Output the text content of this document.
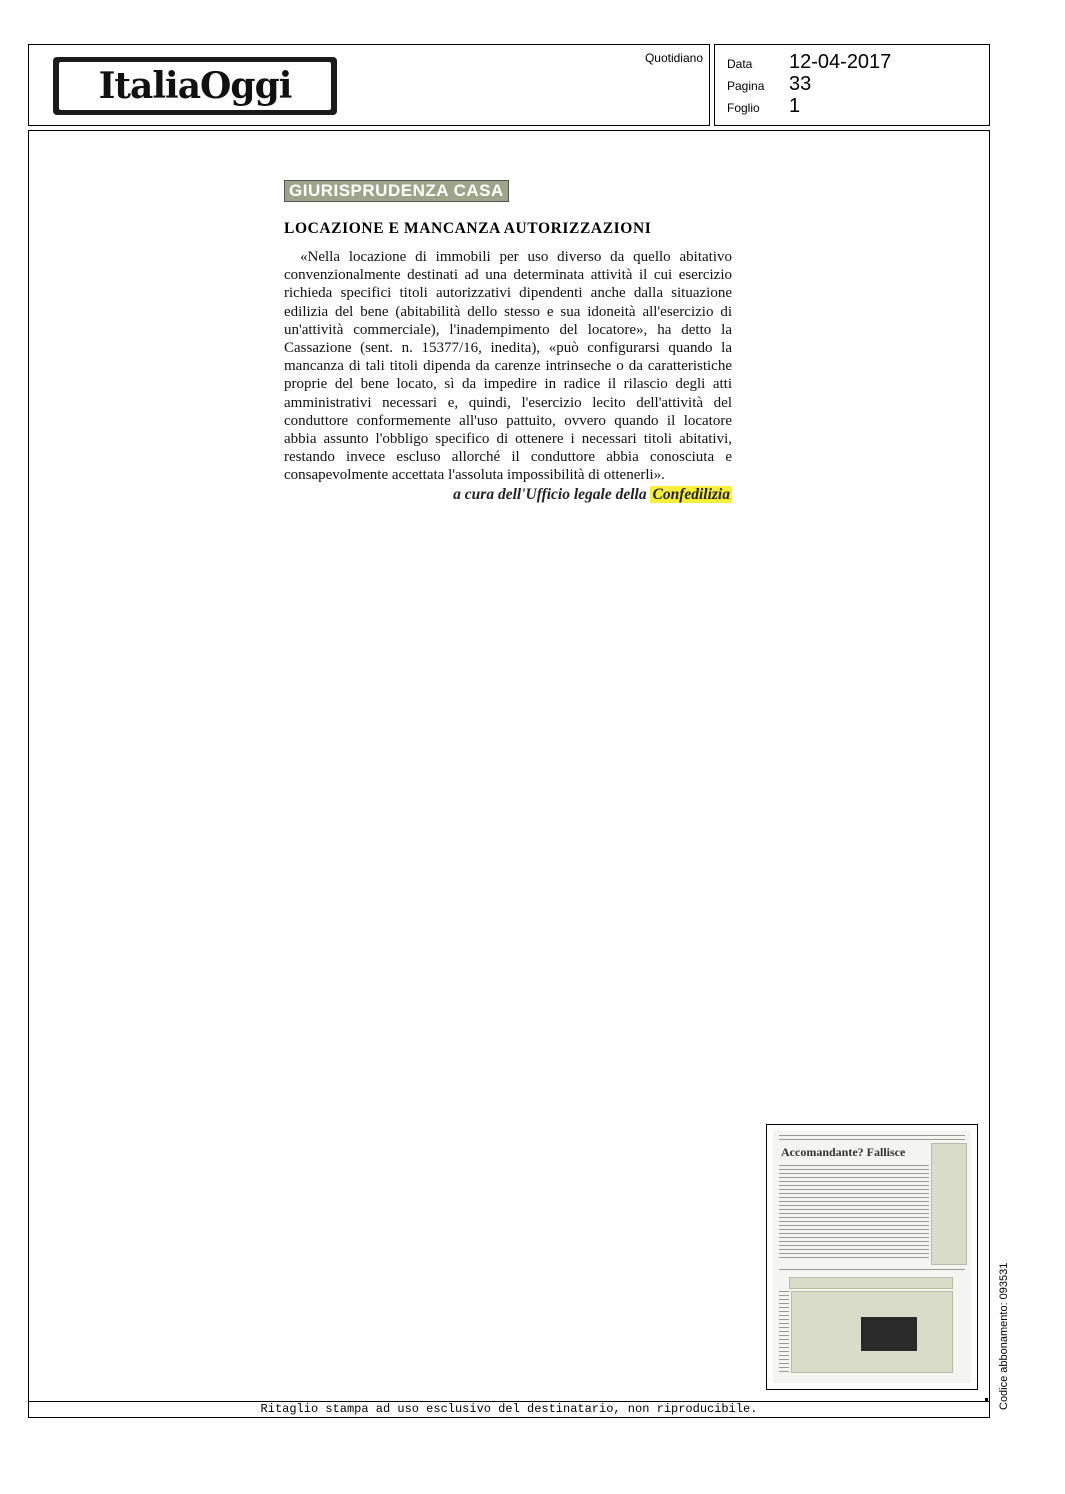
ItaliaOggi
Quotidiano Data	12-04-2017
Pagina	33
Foglio	1
GIURISPRUDENZA CASA
LOCAZIONE E MANCANZA AUTORIZZAZIONI
«Nella locazione di immobili per uso diverso da quello abitativo convenzionalmente destinati ad una determinata attività il cui esercizio richieda specifici titoli autorizzativi dipendenti anche dalla situazione edilizia del bene (abitabilità dello stesso e sua idoneità all'esercizio di un'attività commerciale), l'inadempimento del locatore», ha detto la Cassazione (sent. n. 15377/16, inedita), «può configurarsi quando la mancanza di tali titoli dipenda da carenze intrinseche o da caratteristiche proprie del bene locato, sì da impedire in radice il rilascio degli atti amministrativi necessari e, quindi, l'esercizio lecito dell'attività del conduttore conformemente all'uso pattuito, ovvero quando il locatore abbia assunto l'obbligo specifico di ottenere i necessari titoli abitativi, restando invece escluso allorché il conduttore abbia conosciuta e consapevolmente accettata l'assoluta impossibilità di ottenerli».
a cura dell'Ufficio legale della Confedilizia
Accomandante? Fallisce
Codice abbonamento: 093531
Ritaglio stampa ad uso esclusivo del destinatario, non riproducibile.
